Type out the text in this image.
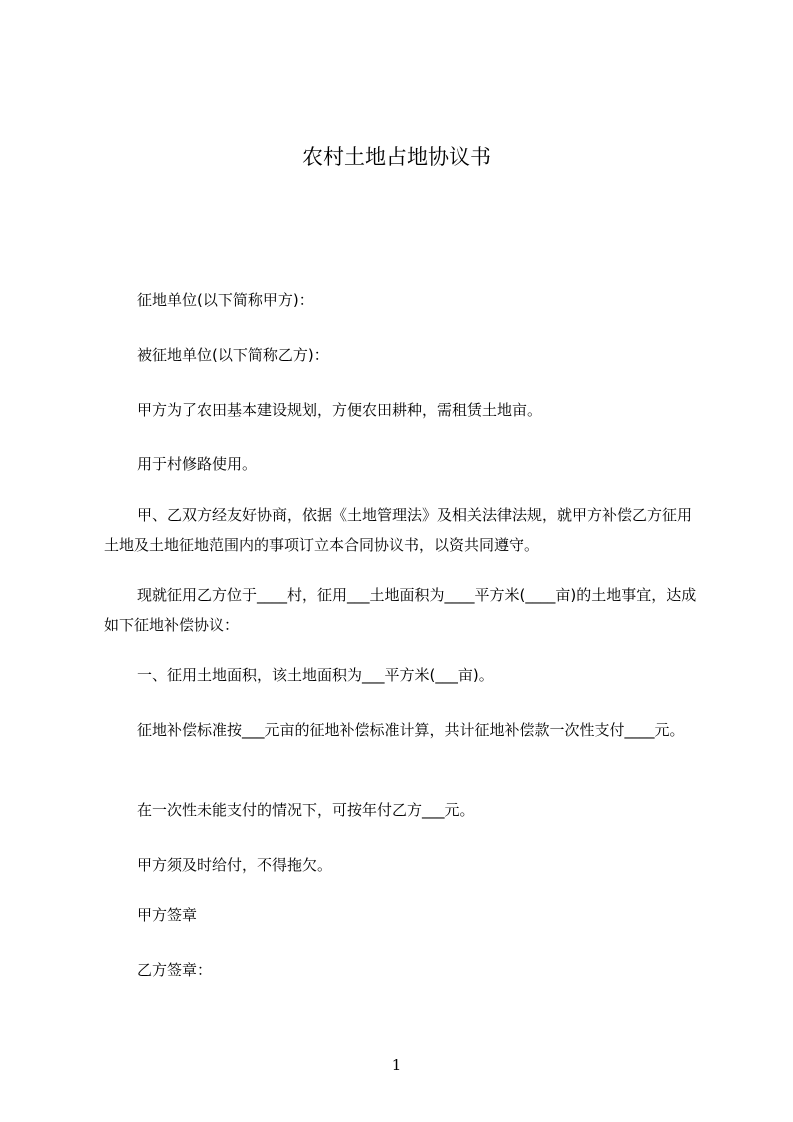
农村土地占地协议书

征地单位(以下简称甲方)：

被征地单位(以下简称乙方)：

甲方为了农田基本建设规划，方便农田耕种，需租赁土地亩。

用于村修路使用。

甲、乙双方经友好协商，依据《土地管理法》及相关法律法规，就甲方补偿乙方征用土地及土地征地范围内的事项订立本合同协议书，以资共同遵守。

现就征用乙方位于____村，征用___土地面积为____平方米(____亩)的土地事宜，达成如下征地补偿协议：

一、征用土地面积，该土地面积为___平方米(___亩)。

征地补偿标准按___元亩的征地补偿标准计算，共计征地补偿款一次性支付____元。

在一次性未能支付的情况下，可按年付乙方___元。

甲方须及时给付，不得拖欠。

甲方签章

乙方签章：

1
